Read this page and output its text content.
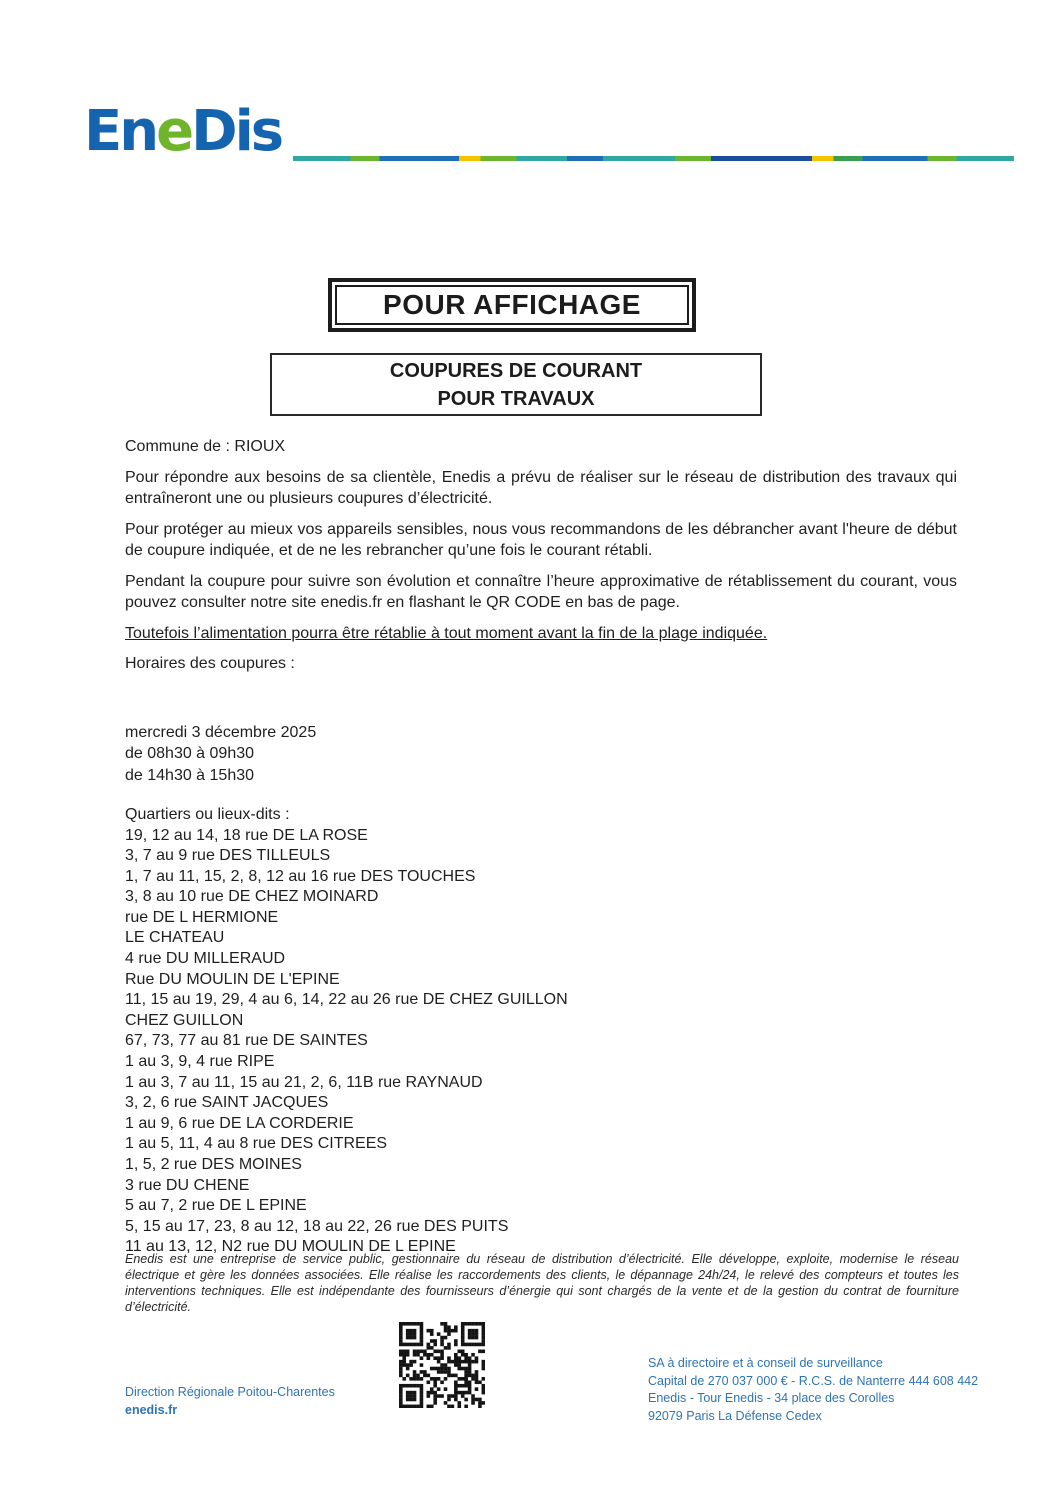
EneDis
POUR AFFICHAGE
COUPURES DE COURANT
POUR TRAVAUX

Commune de : RIOUX

Pour répondre aux besoins de sa clientèle, Enedis a prévu de réaliser sur le réseau de distribution des travaux qui entraîneront une ou plusieurs coupures d’électricité.

Pour protéger au mieux vos appareils sensibles, nous vous recommandons de les débrancher avant l'heure de début de coupure indiquée, et de ne les rebrancher qu’une fois le courant rétabli.

Pendant la coupure pour suivre son évolution et connaître l’heure approximative de rétablissement du courant, vous pouvez consulter notre site enedis.fr en flashant le QR CODE en bas de page.

Toutefois l’alimentation pourra être rétablie à tout moment avant la fin de la plage indiquée.

Horaires des coupures :

mercredi 3 décembre 2025
de 08h30 à 09h30
de 14h30 à 15h30
Quartiers ou lieux-dits :
19, 12 au 14, 18 rue DE LA ROSE
3, 7 au 9 rue DES TILLEULS
1, 7 au 11, 15, 2, 8, 12 au 16 rue DES TOUCHES
3, 8 au 10 rue DE CHEZ MOINARD
rue DE L HERMIONE
LE CHATEAU
4 rue DU MILLERAUD
Rue DU MOULIN DE L'EPINE
11, 15 au 19, 29, 4 au 6, 14, 22 au 26 rue DE CHEZ GUILLON
CHEZ GUILLON
67, 73, 77 au 81 rue DE SAINTES
1 au 3, 9, 4 rue RIPE
1 au 3, 7 au 11, 15 au 21, 2, 6, 11B rue RAYNAUD
3, 2, 6 rue SAINT JACQUES
1 au 9, 6 rue DE LA CORDERIE
1 au 5, 11, 4 au 8 rue DES CITREES
1, 5, 2 rue DES MOINES
3 rue DU CHENE
5 au 7, 2 rue DE L EPINE
5, 15 au 17, 23, 8 au 12, 18 au 22, 26 rue DES PUITS
11 au 13, 12, N2 rue DU MOULIN DE L EPINE
Enedis est une entreprise de service public, gestionnaire du réseau de distribution d’électricité. Elle développe, exploite, modernise le réseau électrique et gère les données associées. Elle réalise les raccordements des clients, le dépannage 24h/24, le relevé des compteurs et toutes les interventions techniques. Elle est indépendante des fournisseurs d’énergie qui sont chargés de la vente et de la gestion du contrat de fourniture d’électricité.
Direction Régionale Poitou-Charentes
enedis.fr
SA à directoire et à conseil de surveillance
Capital de 270 037 000 € - R.C.S. de Nanterre 444 608 442
Enedis - Tour Enedis - 34 place des Corolles
92079 Paris La Défense Cedex
